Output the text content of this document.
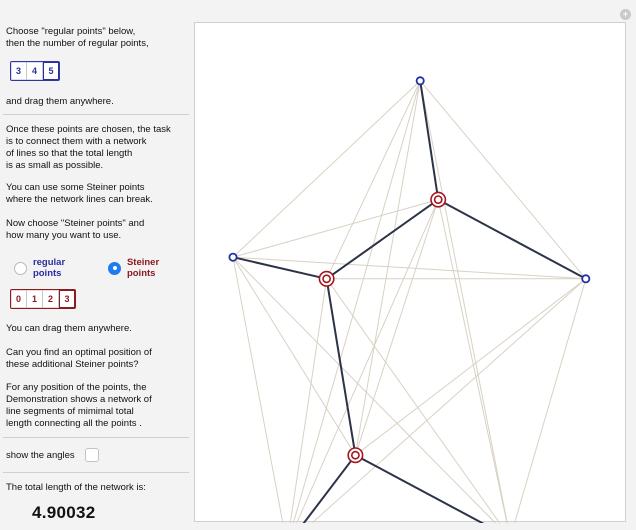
Choose "regular points" below,
then the number of regular points,
3	4	5
and drag them anywhere.
Once these points are chosen, the task
is to connect them with a network
of lines so that the total length
is as small as possible.
You can use some Steiner points
where the network lines can break.
Now choose "Steiner points" and
how many you want to use.
regular points
Steiner points
0	1	2	3
You can drag them anywhere.
Can you find an optimal position of
these additional Steiner points?
For any position of the points, the
Demonstration shows a network of
line segments of mimimal total
length connecting all the points .
show the angles
The total length of the network is:
4.90032
+
